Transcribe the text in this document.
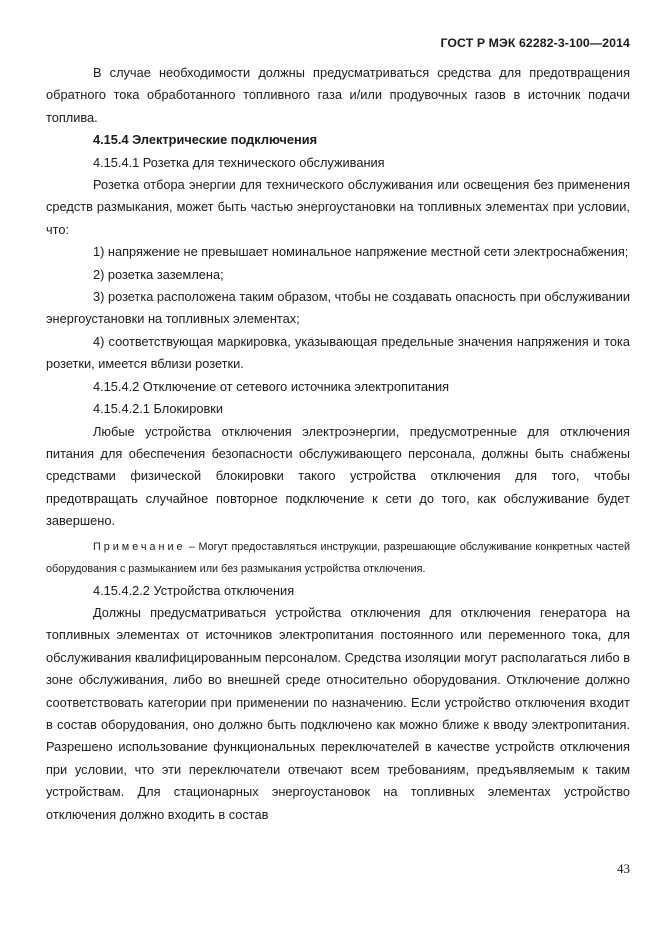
ГОСТ Р МЭК 62282-3-100—2014

В случае необходимости должны предусматриваться средства для предотвращения обратного тока обработанного топливного газа и/или продувочных газов в источник подачи топлива.

4.15.4 Электрические подключения

4.15.4.1 Розетка для технического обслуживания

Розетка отбора энергии для технического обслуживания или освещения без применения средств размыкания, может быть частью энергоустановки на топливных элементах при условии, что:

1) напряжение не превышает номинальное напряжение местной сети электроснабжения;

2) розетка заземлена;

3) розетка расположена таким образом, чтобы не создавать опасность при обслуживании энергоустановки на топливных элементах;

4) соответствующая маркировка, указывающая предельные значения напряжения и тока розетки, имеется вблизи розетки.

4.15.4.2 Отключение от сетевого источника электропитания

4.15.4.2.1 Блокировки

Любые устройства отключения электроэнергии, предусмотренные для отключения питания для обеспечения безопасности обслуживающего персонала, должны быть снабжены средствами физической блокировки такого устройства отключения для того, чтобы предотвращать случайное повторное подключение к сети до того, как обслуживание будет завершено.

Примечание – Могут предоставляться инструкции, разрешающие обслуживание конкретных частей оборудования с размыканием или без размыкания устройства отключения.

4.15.4.2.2 Устройства отключения

Должны предусматриваться устройства отключения для отключения генератора на топливных элементах от источников электропитания постоянного или переменного тока, для обслуживания квалифицированным персоналом. Средства изоляции могут располагаться либо в зоне обслуживания, либо во внешней среде относительно оборудования. Отключение должно соответствовать категории при применении по назначению. Если устройство отключения входит в состав оборудования, оно должно быть подключено как можно ближе к вводу электропитания. Разрешено использование функциональных переключателей в качестве устройств отключения при условии, что эти переключатели отвечают всем требованиям, предъявляемым к таким устройствам. Для стационарных энергоустановок на топливных элементах устройство отключения должно входить в состав

43
